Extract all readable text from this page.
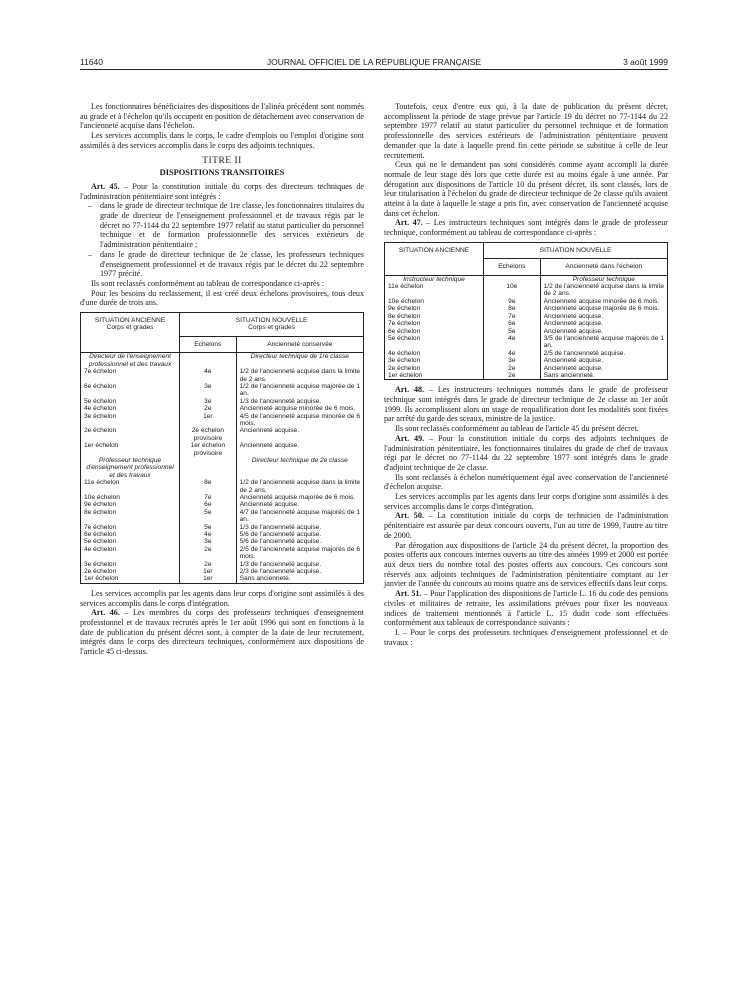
11640	JOURNAL OFFICIEL DE LA RÉPUBLIQUE FRANÇAISE	3 août 1999

Les fonctionnaires bénéficiaires des dispositions de l'alinéa précédent sont nommés au grade et à l'échelon qu'ils occupent en position de détachement avec conservation de l'ancienneté acquise dans l'échelon.

Les services accomplis dans le corps, le cadre d'emplois ou l'emploi d'origine sont assimilés à des services accomplis dans le corps des adjoints techniques.

TITRE II

DISPOSITIONS TRANSITOIRES

Art. 45. – Pour la constitution initiale du corps des directeurs techniques de l'administration pénitentiaire sont intégrés :

– dans le grade de directeur technique de 1re classe, les fonctionnaires titulaires du grade de directeur de l'enseignement professionnel et de travaux régis par le décret no 77-1144 du 22 septembre 1977 relatif au statut particulier du personnel technique et de formation professionnelle des services extérieurs de l'administration pénitentiaire ;
– dans le grade de directeur technique de 2e classe, les professeurs techniques d'enseignement professionnel et de travaux régis par le décret du 22 septembre 1977 précité.

Ils sont reclassés conformément au tableau de correspondance ci-après :

Pour les besoins du reclassement, il est créé deux échelons provisoires, tous deux d'une durée de trois ans.

SITUATION ANCIENNE
Corps et grades	SITUATION NOUVELLE
Corps et grades	
	Echelons	Ancienneté conservée
Directeur de l'enseignement professionnel et des travaux		Directeur technique de 1re classe
7e échelon	4e	1/2 de l'ancienneté acquise dans la limite de 2 ans.
6e échelon	3e	1/2 de l'ancienneté acquise majorée de 1 an.
5e échelon	3e	1/3 de l'ancienneté acquise.
4e échelon	2e	Ancienneté acquise minorée de 6 mois.
3e échelon	1er	4/5 de l'ancienneté acquise minorée de 6 mois.
2e échelon	2e échelon provisoire	Ancienneté acquise.
1er échelon	1er échelon provisoire	Ancienneté acquise.
Professeur technique d'enseignement professionnel et des travaux		Directeur technique de 2e classe
11e échelon	8e	1/2 de l'ancienneté acquise dans la limite de 2 ans.
10e échelon	7e	Ancienneté acquise majorée de 6 mois.
9e échelon	6e	Ancienneté acquise.
8e échelon	5e	4/7 de l'ancienneté acquise majorés de 1 an.
7e échelon	5e	1/3 de l'ancienneté acquise.
6e échelon	4e	5/6 de l'ancienneté acquise.
5e échelon	3e	5/6 de l'ancienneté acquise.
4e échelon	2e	2/5 de l'ancienneté acquise majorés de 6 mois.
3e échelon	2e	1/3 de l'ancienneté acquise.
2e échelon	1er	2/3 de l'ancienneté acquise.
1er échelon	1er	Sans ancienneté.

Les services accomplis par les agents dans leur corps d'origine sont assimilés à des services accomplis dans le corps d'intégration.

Art. 46. – Les membres du corps des professeurs techniques d'enseignement professionnel et de travaux recrutés après le 1er août 1996 qui sont en fonctions à la date de publication du présent décret sont, à compter de la date de leur recrutement, intégrés dans le corps des directeurs techniques, conformément aux dispositions de l'article 45 ci-dessus.

Toutefois, ceux d'entre eux qui, à la date de publication du présent décret, accomplissent la période de stage prévue par l'article 19 du décret no 77-1144 du 22 septembre 1977 relatif au statut particulier du personnel technique et de formation professionnelle des services extérieurs de l'administration pénitentiaire peuvent demander que la date à laquelle prend fin cette période se substitue à celle de leur recrutement.

Ceux qui ne le demandent pas sont considérés comme ayant accompli la durée normale de leur stage dès lors que cette durée est au moins égale à une année. Par dérogation aux dispositions de l'article 10 du présent décret, ils sont classés, lors de leur titularisation à l'échelon du grade de directeur technique de 2e classe qu'ils avaient atteint à la date à laquelle le stage a pris fin, avec conservation de l'ancienneté acquise dans cet échelon.

Art. 47. – Les instructeurs techniques sont intégrés dans le grade de professeur technique, conformément au tableau de correspondance ci-après :

SITUATION ANCIENNE	SITUATION NOUVELLE	
	Echelons	Ancienneté dans l'échelon
Instructeur technique		Professeur technique
11e échelon	10e	1/2 de l'ancienneté acquise dans la limite de 2 ans.
10e échelon	9e	Ancienneté acquise minorée de 6 mois.
9e échelon	8e	Ancienneté acquise majorée de 6 mois.
8e échelon	7e	Ancienneté acquise.
7e échelon	6e	Ancienneté acquise.
6e échelon	5e	Ancienneté acquise.
5e échelon	4e	3/5 de l'ancienneté acquise majorés de 1 an.
4e échelon	4e	2/5 de l'ancienneté acquise.
3e échelon	3e	Ancienneté acquise.
2e échelon	2e	Ancienneté acquise.
1er échelon	2e	Sans ancienneté.

Art. 48. – Les instructeurs techniques nommés dans le grade de professeur technique sont intégrés dans le grade de directeur technique de 2e classe au 1er août 1999. Ils accomplissent alors un stage de requalification dont les modalités sont fixées par arrêté du garde des sceaux, ministre de la justice.

Ils sont reclassés conformément au tableau de l'article 45 du présent décret.

Art. 49. – Pour la constitution initiale du corps des adjoints techniques de l'administration pénitentiaire, les fonctionnaires titulaires du grade de chef de travaux régi par le décret no 77-1144 du 22 septembre 1977 sont intégrés dans le grade d'adjoint technique de 2e classe.

Ils sont reclassés à échelon numériquement égal avec conservation de l'ancienneté d'échelon acquise.

Les services accomplis par les agents dans leur corps d'origine sont assimilés à des services accomplis dans le corps d'intégration.

Art. 50. – La constitution initiale du corps de technicien de l'administration pénitentiaire est assurée par deux concours ouverts, l'un au titre de 1999, l'autre au titre de 2000.

Par dérogation aux dispositions de l'article 24 du présent décret, la proportion des postes offerts aux concours internes ouverts au titre des années 1999 et 2000 est portée aux deux tiers du nombre total des postes offerts aux concours. Ces concours sont réservés aux adjoints techniques de l'administration pénitentiaire comptant au 1er janvier de l'année du concours au moins quatre ans de services effectifs dans leur corps.

Art. 51. – Pour l'application des dispositions de l'article L. 16 du code des pensions civiles et militaires de retraite, les assimilations prévues pour fixer les nouveaux indices de traitement mentionnés à l'article L. 15 dudit code sont effectuées conformément aux tableaux de correspondance suivants :

I. – Pour le corps des professeurs techniques d'enseignement professionnel et de travaux :
